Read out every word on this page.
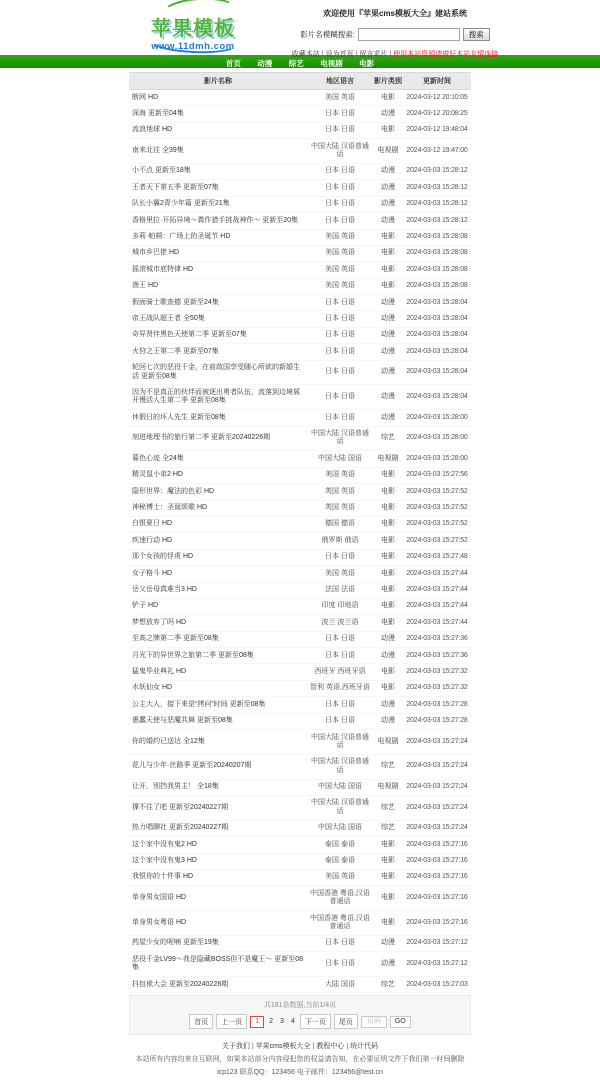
苹果模板
www.11dmh.com
欢迎使用『苹果cms模板大全』建站系统
影片名模糊搜索:	搜索
收藏本站 | 设为首页 | 留言求片 | 使用本站资源请做好本站友情连接
首页 动漫 综艺 电视剧 电影
影片名称	地区语言	影片类别	更新时间
断网 HD	美国 英语	电影	2024-03-12 20:10:05
深海 更新至04集	日本 日语	动漫	2024-03-12 20:08:25
流浪地球 HD	日本 日语	电影	2024-03-12 19:48:04
南来北往 全39集	中国大陆 汉语普通话	电视剧	2024-03-12 19:47:00
小不点 更新至18集	日本 日语	动漫	2024-03-03 15:28:12
王者天下第五季 更新至07集	日本 日语	动漫	2024-03-03 15:28:12
队长小翼2青少年篇 更新至21集	日本 日语	动漫	2024-03-03 15:28:12
香格里拉·开拓异境～粪作猎手挑战神作～ 更新至20集	日本 日语	动漫	2024-03-03 15:28:12
多莉·帕顿：广场上的圣诞节 HD	美国 英语	电影	2024-03-03 15:28:08
城市乡巴佬 HD	美国 英语	电影	2024-03-03 15:28:08
摇滚城市底特律 HD	美国 英语	电影	2024-03-03 15:28:08
渔王 HD	美国 英语	电影	2024-03-03 15:28:08
假面骑士歌查德 更新至24集	日本 日语	动漫	2024-03-03 15:28:04
帝王战队超王者 全50集	日本 日语	动漫	2024-03-03 15:28:04
奇异贤伴黑色天使第二季 更新至07集	日本 日语	动漫	2024-03-03 15:28:04
火狩之王第二季 更新至07集	日本 日语	动漫	2024-03-03 15:28:04
轮回七次的恶役千金，在前敌国享受随心所欲的新婚生活 更新至08集	日本 日语	动漫	2024-03-03 15:28:04
因为不是真正的伙伴而被逐出勇者队伍，流落到边境展开慢活人生第二季 更新至08集	日本 日语	动漫	2024-03-03 15:28:04
休假日的坏人先生 更新至08集	日本 日语	动漫	2024-03-03 15:28:00
刻进地理书的旅行第二季 更新至20240226期	中国大陆 汉语普通话	综艺	2024-03-03 15:28:00
暮色心迹 全24集	中国大陆 国语	电视剧	2024-03-03 15:28:00
精灵鼠小弟2 HD	美国 英语	电影	2024-03-03 15:27:56
隐形世界：魔法的色彩 HD	英国 英语	电影	2024-03-03 15:27:52
神秘博士：圣诞颂歌 HD	英国 英语	电影	2024-03-03 15:27:52
白银夏日 HD	德国 德语	电影	2024-03-03 15:27:52
疾速行动 HD	俄罗斯 俄语	电影	2024-03-03 15:27:52
那个女孩的俘虏 HD	日本 日语	电影	2024-03-03 15:27:48
女子格斗 HD	美国 英语	电影	2024-03-03 15:27:44
岳父岳母真难当3 HD	法国 法语	电影	2024-03-03 15:27:44
铲子 HD	印度 印地语	电影	2024-03-03 15:27:44
梦想放弃了吗 HD	波兰 波兰语	电影	2024-03-03 15:27:44
至高之牌第二季 更新至08集	日本 日语	动漫	2024-03-03 15:27:36
月光下的异世界之旅第二季 更新至08集	日本 日语	动漫	2024-03-03 15:27:36
猛鬼毕业典礼 HD	西班牙 西班牙语	电影	2024-03-03 15:27:32
水妖仙女 HD	智利 英语,西班牙语	电影	2024-03-03 15:27:32
公主大人，接下来是“拷问”时间 更新至08集	日本 日语	动漫	2024-03-03 15:27:28
愚蠢天使与恶魔共舞 更新至08集	日本 日语	动漫	2024-03-03 15:27:28
你的婚约已送达 全12集	中国大陆 汉语普通话	电视剧	2024-03-03 15:27:24
花儿与少年·丝路季 更新至20240207期	中国大陆 汉语普通话	综艺	2024-03-03 15:27:24
让开，别挡我男主！ 全18集	中国大陆 国语	电视剧	2024-03-03 15:27:24
撑不住了吧 更新至20240227期	中国大陆 汉语普通话	综艺	2024-03-03 15:27:24
热力唱聊社 更新至20240227期	中国大陆 国语	综艺	2024-03-03 15:27:24
这个家中没有鬼2 HD	泰国 泰语	电影	2024-03-03 15:27:16
这个家中没有鬼3 HD	泰国 泰语	电影	2024-03-03 15:27:16
我恨你的十件事 HD	美国 英语	电影	2024-03-03 15:27:16
单身男女国语 HD	中国香港 粤语,汉语普通话	电影	2024-03-03 15:27:16
单身男女粤语 HD	中国香港 粤语,汉语普通话	电影	2024-03-03 15:27:16
药屋少女的呢喃 更新至19集	日本 日语	动漫	2024-03-03 15:27:12
恶役千金LV99～我是隐藏BOSS但不是魔王～ 更新至08集	日本 日语	动漫	2024-03-03 15:27:12
抖包袱大会 更新至20240228期	大陆 国语	综艺	2024-03-03 15:27:03
共181条数据,当前1/4页
首页	上一页	1	2 3 4	下一页	尾页
页码	GO
关于我们 | 苹果cms模板大全 | 教程中心 | 统计代码
本站所有内容均来自互联网，如果本站部分内容侵犯您的权益请告知，在必要证明文件下我们第一时间删除
icp123 联系QQ：123456 电子邮件：123456@test.cn
